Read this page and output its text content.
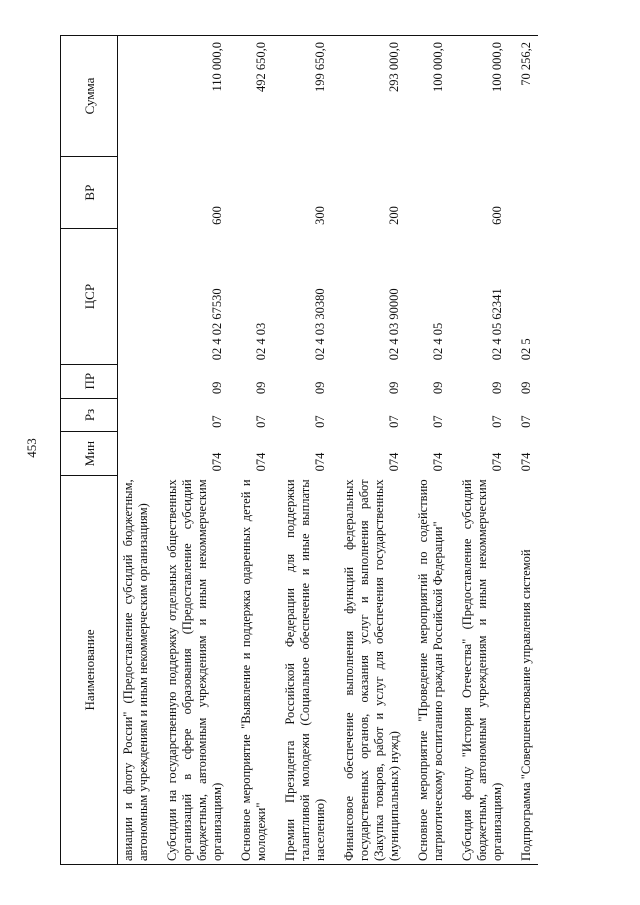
453
Наименование	Мин	Рз	ПР	ЦСР	ВР	Сумма
авиации и флоту России" (Предоставление субсидий бюджетным, автономным учреждениям и иным некоммерческим организациям)						
Субсидии на государственную поддержку отдельных общественных организаций в сфере образования (Предоставление субсидий бюджетным, автономным учреждениям и иным некоммерческим организациям)	074	07	09	02 4 02 67530	600	110 000,0
Основное мероприятие "Выявление и поддержка одаренных детей и молодежи"	074	07	09	02 4 03		492 650,0
Премии Президента Российской Федерации для поддержки талантливой молодежи (Социальное обеспечение и иные выплаты населению)	074	07	09	02 4 03 30380	300	199 650,0
Финансовое обеспечение выполнения функций федеральных государственных органов, оказания услуг и выполнения работ (Закупка товаров, работ и услуг для обеспечения государственных (муниципальных) нужд)	074	07	09	02 4 03 90000	200	293 000,0
Основное мероприятие "Проведение мероприятий по содействию патриотическому воспитанию граждан Российской Федерации"	074	07	09	02 4 05		100 000,0
Субсидия фонду "История Отечества" (Предоставление субсидий бюджетным, автономным учреждениям и иным некоммерческим организациям)	074	07	09	02 4 05 62341	600	100 000,0
Подпрограмма "Совершенствование управления системой	074	07	09	02 5		70 256,2
